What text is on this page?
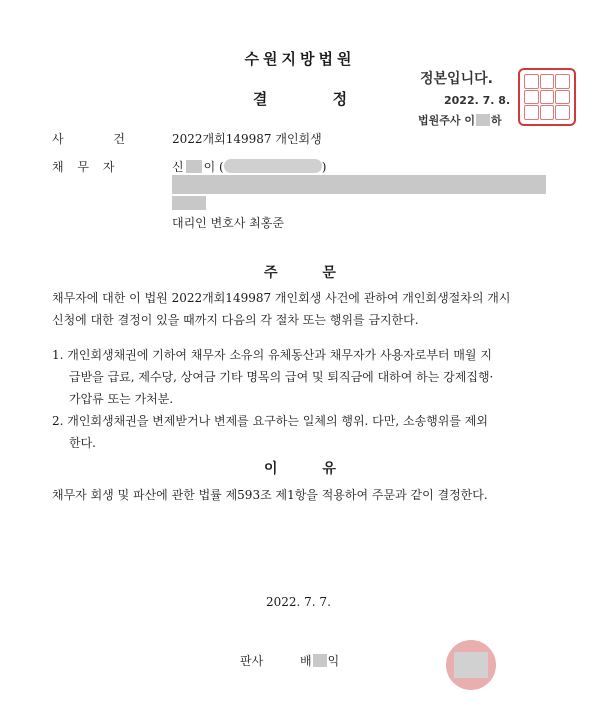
수원지방법원
결 정
정본입니다.
2022. 7. 8.
법원주사 이 하
사 건	2022개회149987 개인회생
채 무 자	신 이 (	)
대리인 변호사 최홍준
주 문
채무자에 대한 이 법원 2022개회149987 개인회생 사건에 관하여 개인회생절차의 개시
신청에 대한 결정이 있을 때까지 다음의 각 절차 또는 행위를 금지한다.
1. 개인회생채권에 기하여 채무자 소유의 유체동산과 채무자가 사용자로부터 매월 지
급받을 급료, 제수당, 상여금 기타 명목의 급여 및 퇴직금에 대하여 하는 강제집행·
가압류 또는 가처분.
2. 개인회생채권을 변제받거나 변제를 요구하는 일체의 행위. 다만, 소송행위를 제외
한다.
이 유
채무자 회생 및 파산에 관한 법률 제593조 제1항을 적용하여 주문과 같이 결정한다.
2022. 7. 7.
판사	배 익
